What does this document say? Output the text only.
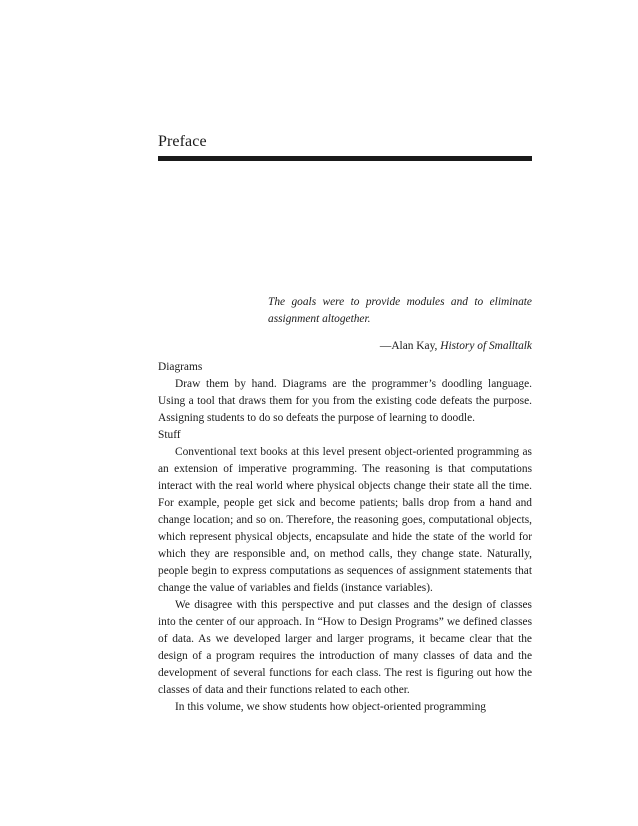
Preface

The goals were to provide modules and to eliminate assignment altogether.

—Alan Kay, History of Smalltalk

Diagrams

Draw them by hand. Diagrams are the programmer’s doodling language. Using a tool that draws them for you from the existing code defeats the purpose. Assigning students to do so defeats the purpose of learning to doodle.

Stuff

Conventional text books at this level present object-oriented programming as an extension of imperative programming. The reasoning is that computations interact with the real world where physical objects change their state all the time. For example, people get sick and become patients; balls drop from a hand and change location; and so on. Therefore, the reasoning goes, computational objects, which represent physical objects, encapsulate and hide the state of the world for which they are responsible and, on method calls, they change state. Naturally, people begin to express computations as sequences of assignment statements that change the value of variables and fields (instance variables).

We disagree with this perspective and put classes and the design of classes into the center of our approach. In “How to Design Programs” we defined classes of data. As we developed larger and larger programs, it became clear that the design of a program requires the introduction of many classes of data and the development of several functions for each class. The rest is figuring out how the classes of data and their functions related to each other.

In this volume, we show students how object-oriented programming
